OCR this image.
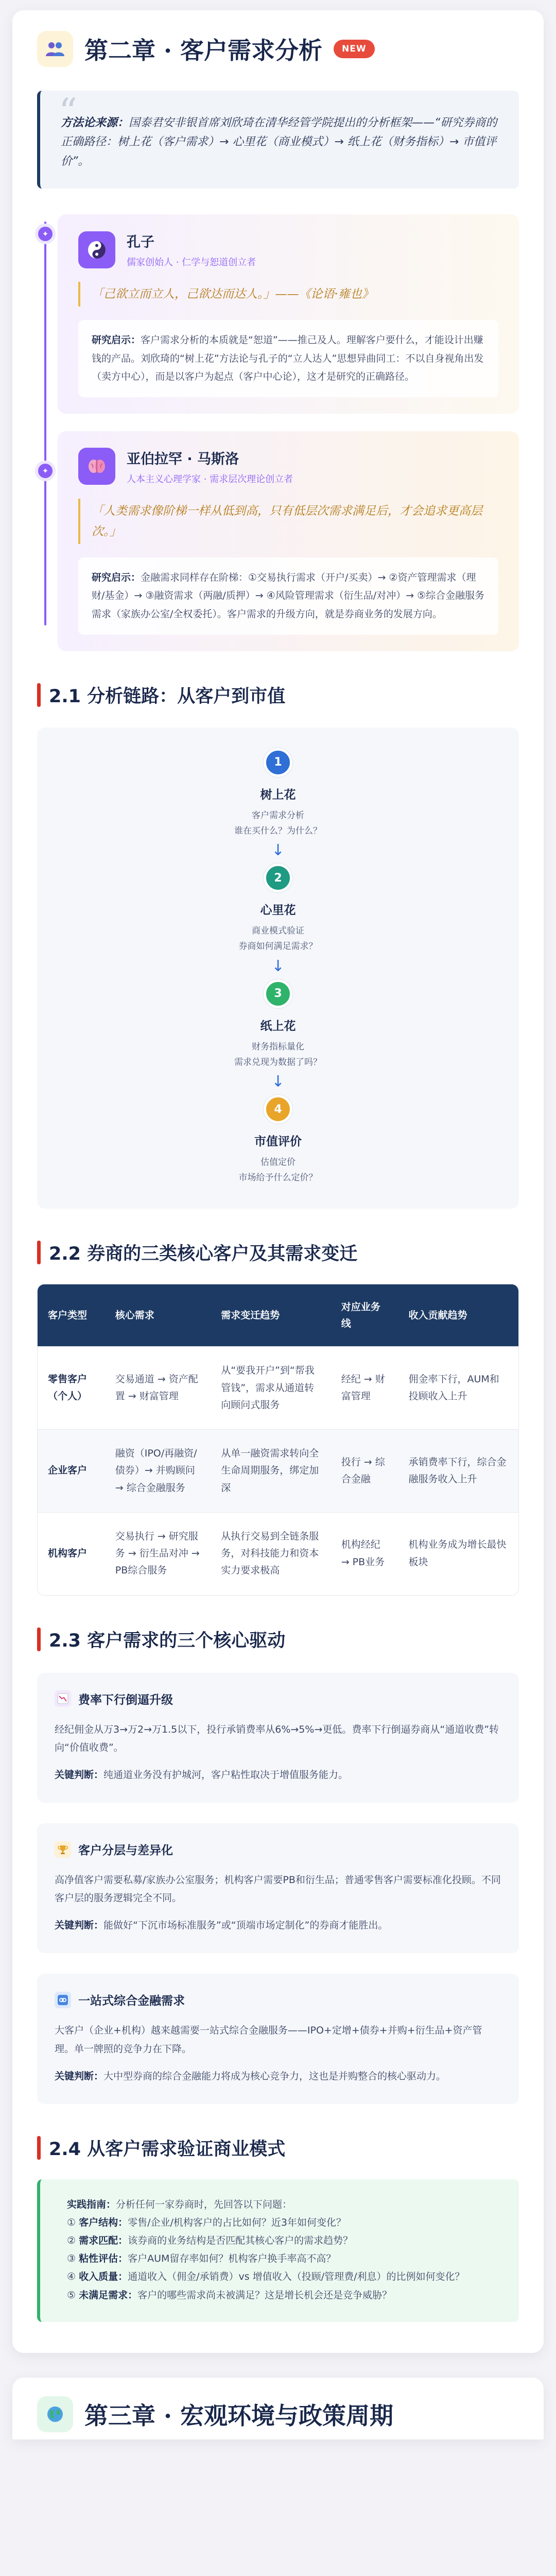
第二章 · 客户需求分析	NEW
“

方法论来源：国泰君安非银首席刘欣琦在清华经管学院提出的分析框架——“研究券商的正确路径：树上花（客户需求）→ 心里花（商业模式）→ 纸上花（财务指标）→ 市值评价”。

✦
孔子
儒家创始人 · 仁学与恕道创立者
「己欲立而立人，己欲达而达人。」——《论语·雍也》
研究启示：客户需求分析的本质就是“恕道”——推己及人。理解客户要什么，才能设计出赚钱的产品。刘欣琦的“树上花”方法论与孔子的“立人达人”思想异曲同工：不以自身视角出发（卖方中心），而是以客户为起点（客户中心论），这才是研究的正确路径。
✦
亚伯拉罕 · 马斯洛
人本主义心理学家 · 需求层次理论创立者
「人类需求像阶梯一样从低到高，只有低层次需求满足后，才会追求更高层次。」
研究启示：金融需求同样存在阶梯：①交易执行需求（开户/买卖）→ ②资产管理需求（理财/基金）→ ③融资需求（两融/质押）→ ④风险管理需求（衍生品/对冲）→ ⑤综合金融服务需求（家族办公室/全权委托）。客户需求的升级方向，就是券商业务的发展方向。
2.1 分析链路：从客户到市值
1
树上花
客户需求分析
谁在买什么？为什么？
↓
2
心里花
商业模式验证
券商如何满足需求？
↓
3
纸上花
财务指标量化
需求兑现为数据了吗？
↓
4
市值评价
估值定价
市场给予什么定价？
2.2 券商的三类核心客户及其需求变迁
客户类型	核心需求	需求变迁趋势	对应业务线	收入贡献趋势
零售客户（个人）	交易通道 → 资产配置 → 财富管理	从“要我开户”到“帮我管钱”，需求从通道转向顾问式服务	经纪 → 财富管理	佣金率下行，AUM和投顾收入上升
企业客户	融资（IPO/再融资/债券）→ 并购顾问 → 综合金融服务	从单一融资需求转向全生命周期服务，绑定加深	投行 → 综合金融	承销费率下行，综合金融服务收入上升
机构客户	交易执行 → 研究服务 → 衍生品对冲 → PB综合服务	从执行交易到全链条服务，对科技能力和资本实力要求极高	机构经纪 → PB业务	机构业务成为增长最快板块
2.3 客户需求的三个核心驱动
费率下行倒逼升级
经纪佣金从万3→万2→万1.5以下，投行承销费率从6%→5%→更低。费率下行倒逼券商从“通道收费”转向“价值收费”。
关键判断：纯通道业务没有护城河，客户粘性取决于增值服务能力。
客户分层与差异化
高净值客户需要私募/家族办公室服务；机构客户需要PB和衍生品；普通零售客户需要标准化投顾。不同客户层的服务逻辑完全不同。
关键判断：能做好“下沉市场标准服务”或“顶端市场定制化”的券商才能胜出。
一站式综合金融需求
大客户（企业+机构）越来越需要一站式综合金融服务——IPO+定增+债券+并购+衍生品+资产管理。单一牌照的竞争力在下降。
关键判断：大中型券商的综合金融能力将成为核心竞争力，这也是并购整合的核心驱动力。
2.4 从客户需求验证商业模式
实践指南：分析任何一家券商时，先回答以下问题：
① 客户结构：零售/企业/机构客户的占比如何？近3年如何变化？
② 需求匹配：该券商的业务结构是否匹配其核心客户的需求趋势？
③ 粘性评估：客户AUM留存率如何？机构客户换手率高不高？
④ 收入质量：通道收入（佣金/承销费）vs 增值收入（投顾/管理费/利息）的比例如何变化？
⑤ 未满足需求：客户的哪些需求尚未被满足？这是增长机会还是竞争威胁？
第三章 · 宏观环境与政策周期
